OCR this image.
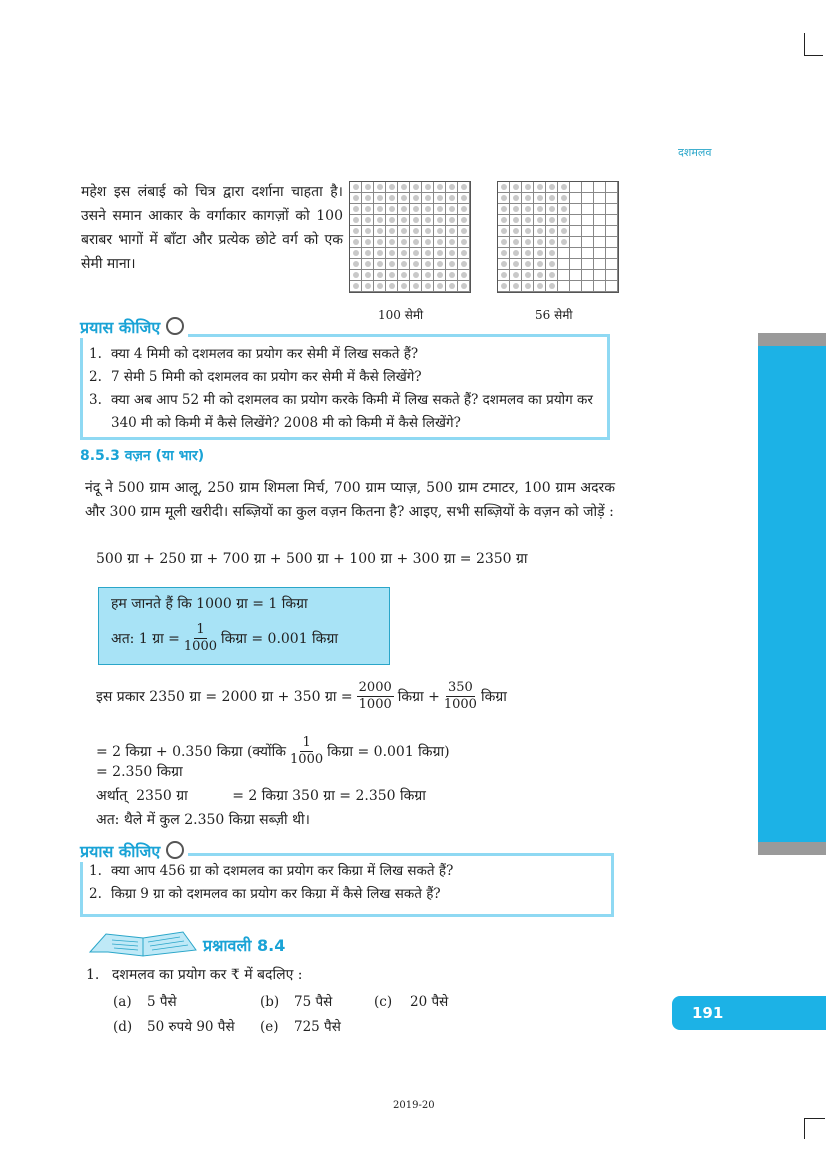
दशमलव
महेश इस लंबाई को चित्र द्वारा दर्शाना चाहता है। उसने समान आकार के वर्गाकार कागज़ों को 100 बराबर भागों में बाँटा और प्रत्येक छोटे वर्ग को एक सेमी माना।
100 सेमी	56 सेमी
1. क्या 4 मिमी को दशमलव का प्रयोग कर सेमी में लिख सकते हैं?
2. 7 सेमी 5 मिमी को दशमलव का प्रयोग कर सेमी में कैसे लिखेंगे?
3. क्या अब आप 52 मी को दशमलव का प्रयोग करके किमी में लिख सकते हैं? दशमलव का प्रयोग कर 340 मी को किमी में कैसे लिखेंगे? 2008 मी को किमी में कैसे लिखेंगे?
प्रयास कीजिए
8.5.3 वज़न (या भार)
नंदू ने 500 ग्राम आलू, 250 ग्राम शिमला मिर्च, 700 ग्राम प्याज़, 500 ग्राम टमाटर, 100 ग्राम अदरक और 300 ग्राम मूली खरीदी। सब्ज़ियों का कुल वज़न कितना है? आइए, सभी सब्ज़ियों के वज़न को जोड़ें :
500 ग्रा + 250 ग्रा + 700 ग्रा + 500 ग्रा + 100 ग्रा + 300 ग्रा = 2350 ग्रा
हम जानते हैं कि 1000 ग्रा = 1 किग्रा
अत: 1 ग्रा = $\frac{1}{1000}$ किग्रा = 0.001 किग्रा
इस प्रकार 2350 ग्रा = 2000 ग्रा + 350 ग्रा = $\frac{2000}{1000}$ किग्रा + $\frac{350}{1000}$ किग्रा
= 2 किग्रा + 0.350 किग्रा (क्योंकि $\frac{1}{1000}$ किग्रा = 0.001 किग्रा)
= 2.350 किग्रा
अर्थात्  2350 ग्रा          = 2 किग्रा 350 ग्रा = 2.350 किग्रा
अत: थैले में कुल 2.350 किग्रा सब्ज़ी थी।
1. क्या आप 456 ग्रा को दशमलव का प्रयोग कर किग्रा में लिख सकते हैं?
2. किग्रा 9 ग्रा को दशमलव का प्रयोग कर किग्रा में कैसे लिख सकते हैं?
प्रयास कीजिए
प्रश्नावली 8.4
1. दशमलव का प्रयोग कर ₹ में बदलिए :
(a) 5 पैसे	(b) 75 पैसे	(c) 20 पैसे
(d) 50 रुपये 90 पैसे (e) 725 पैसे
191
2019-20
